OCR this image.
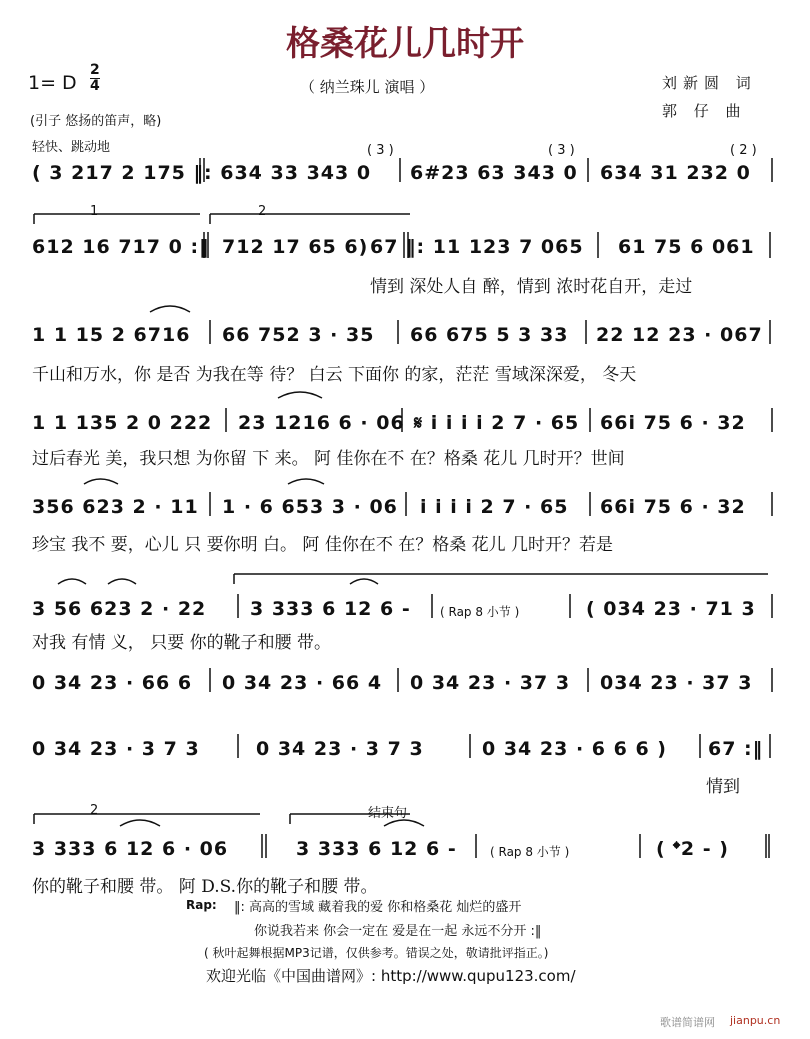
格桑花儿几时开
1= D
2
4	（ 纳兰珠儿 演唱 ）	刘新圆 词
郭 仔 曲
(引子 悠扬的笛声，略)
轻快、跳动地
( 3 217 2 175 ‖: 634 33 343 0 6#23 63 343 0 634 31 232 0
( 3 )	( 3 )	( 2 )
1	2
612 16 717 0 :‖ 712 17 65 6) 67 ‖: 11 123 7 065 61 75 6 061
情到 深处人自 醉，情到 浓时花自开，走过
1 1 15 2 6716 66 752 3 · 35 66 675 5 3 33 22 12 23 · 067
千山和万水，你 是否 为我在等 待？ 白云 下面你 的家，茫茫 雪域深深爱， 冬天
1 1 135 2 0 222 23 1216 6 · 06 𝄋 i i i i 2 7 · 65 66i 75 6 · 32
过后春光 美，我只想 为你留 下 来。 阿 佳你在不 在？格桑 花儿 几时开？世间
356 623 2 · 11 1 · 6 653 3 · 06 i i i i 2 7 · 65 66i 75 6 · 32
珍宝 我不 要，心儿 只 要你明 白。 阿 佳你在不 在？格桑 花儿 几时开？若是
3 56 623 2 · 22 3 333 6 12 6 - ( Rap 8 小节 )	( 034 23 · 71 3
对我 有情 义， 只要 你的靴子和腰 带。
0 34 23 · 66 6 0 34 23 · 66 4 0 34 23 · 37 3 034 23 · 37 3
0 34 23 · 3 7 3	0 34 23 · 3 7 3	0 34 23 · 6 6 6 ) 67 :‖
情到
2	结束句
3 333 6 12 6 · 06	3 333 6 12 6 -	( Rap 8 小节 )	( 𝄌2 - )
你的靴子和腰 带。 阿 D.S.你的靴子和腰 带。
Rap: ‖: 高高的雪域 藏着我的爱 你和格桑花 灿烂的盛开
你说我若来 你会一定在 爱是在一起 永远不分开 :‖
( 秋叶起舞根据MP3记谱，仅供参考。错误之处，敬请批评指正。)
欢迎光临《中国曲谱网》: http://www.qupu123.com/
歌谱简谱网 jianpu.cn
